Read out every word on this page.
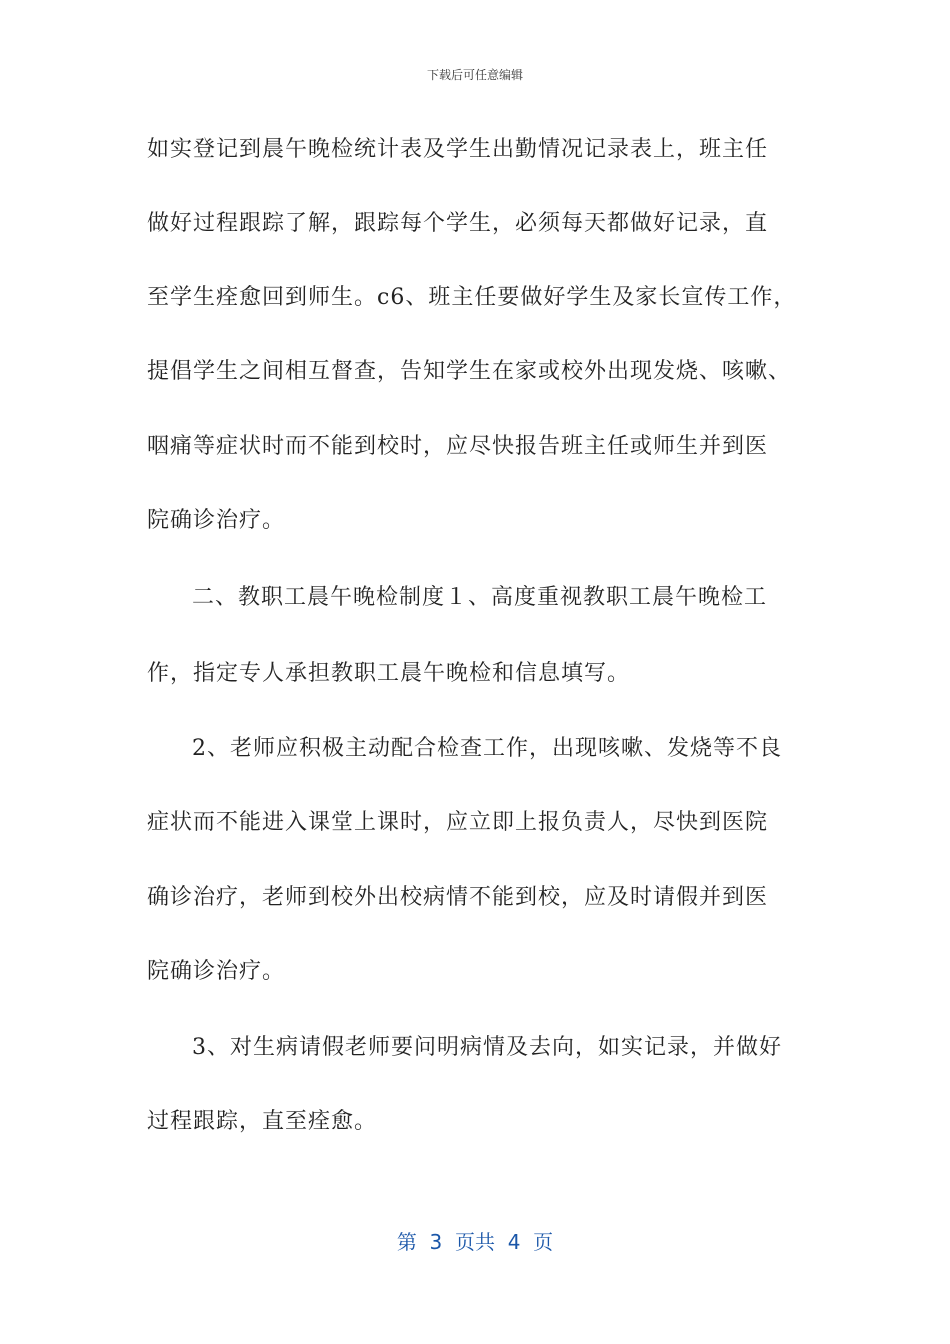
下载后可任意编辑
如实登记到晨午晚检统计表及学生出勤情况记录表上，班主任
做好过程跟踪了解，跟踪每个学生，必须每天都做好记录，直
至学生痊愈回到师生。c6、班主任要做好学生及家长宣传工作，
提倡学生之间相互督查，告知学生在家或校外出现发烧、咳嗽、
咽痛等症状时而不能到校时，应尽快报告班主任或师生并到医
院确诊治疗。
二、教职工晨午晚检制度１、高度重视教职工晨午晚检工
作，指定专人承担教职工晨午晚检和信息填写。
2、老师应积极主动配合检查工作，出现咳嗽、发烧等不良
症状而不能进入课堂上课时，应立即上报负责人，尽快到医院
确诊治疗，老师到校外出校病情不能到校，应及时请假并到医
院确诊治疗。
3、对生病请假老师要问明病情及去向，如实记录，并做好
过程跟踪，直至痊愈。
第  3  页共  4  页
